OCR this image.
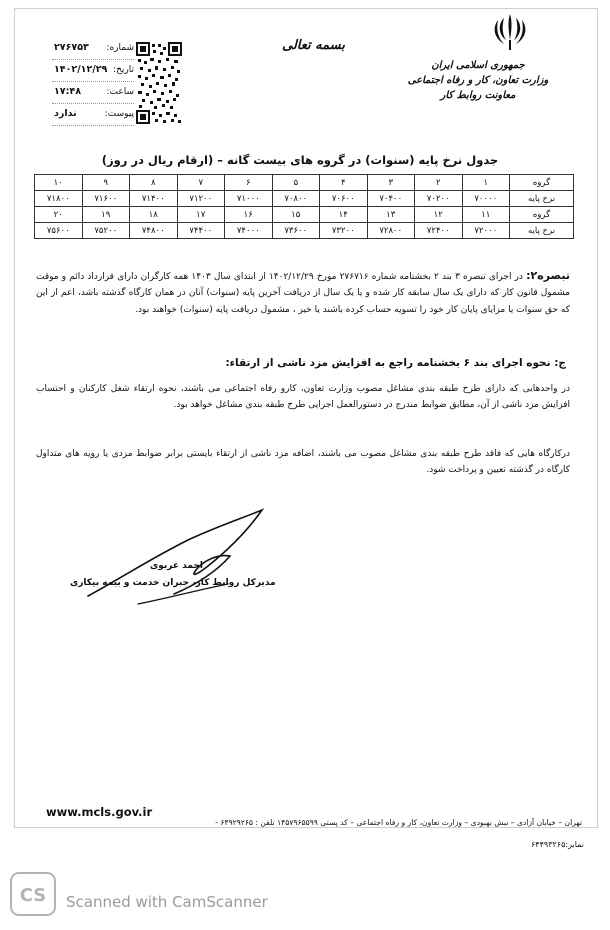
جمهوری اسلامی ایران
وزارت تعاون، کار و رفاه اجتماعی
معاونت روابط کار
بسمه تعالی
شماره:
۲۷۶۷۵۳
تاریخ:
۱۴۰۲/۱۲/۲۹
ساعت:
۱۷:۴۸
پیوست:
ندارد
جدول نرخ پایه (سنوات) در گروه های بیست گانه – (ارقام ریال در روز)
گروه	۱	۲	۳	۴	۵	۶	۷	۸	۹	۱۰
نرخ پایه	۷۰۰۰۰	۷۰۲۰۰	۷۰۴۰۰	۷۰۶۰۰	۷۰۸۰۰	۷۱۰۰۰	۷۱۲۰۰	۷۱۴۰۰	۷۱۶۰۰	۷۱۸۰۰
گروه	۱۱	۱۲	۱۳	۱۴	۱۵	۱۶	۱۷	۱۸	۱۹	۲۰
نرخ پایه	۷۲۰۰۰	۷۲۴۰۰	۷۲۸۰۰	۷۳۲۰۰	۷۳۶۰۰	۷۴۰۰۰	۷۴۴۰۰	۷۴۸۰۰	۷۵۲۰۰	۷۵۶۰۰
تبصره۲: در اجرای تبصره ۳ بند ۲ بخشنامه شماره ۲۷۶۷۱۶ مورخ ۱۴۰۲/۱۲/۲۹ از ابتدای سال ۱۴۰۳ همه کارگران دارای قرارداد دائم و موقت مشمول قانون کار که دارای یک سال سابقه کار شده و یا یک سال از دریافت آخرین پایه (سنوات) آنان در همان کارگاه گذشته باشد، اعم از این که حق سنوات یا مزایای پایان کار خود را تسویه حساب کرده باشند یا خیر ، مشمول دریافت پایه (سنوات) خواهند بود.
ج: نحوه اجرای بند ۶ بخشنامه راجع به افزایش مزد ناشی از ارتقاء:
در واحدهایی که دارای طرح طبقه بندی مشاغل مصوب وزارت تعاون، کارو رفاه اجتماعی می باشند، نحوه ارتقاء شغل کارکنان و احتساب افزایش مزد ناشی از آن، مطابق ضوابط مندرج در دستورالعمل اجرایی طرح طبقه بندی مشاغل خواهد بود.
درکارگاه هایی که فاقد طرح طبقه بندی مشاغل مصوب می باشند، اضافه مزد ناشی از ارتقاء بایستی برابر ضوابط مزدی یا رویه های متداول کارگاه در گذشته تعیین و پرداخت شود.
احمد عربوی
مدیرکل روابط کار، جبران خدمت و بیمه بیکاری
www.mcls.gov.ir
تهران – خیابان آزادی – نبش بهبودی – وزارت تعاون، کار و رفاه اجتماعی – کد پستی ۱۴۵۷۹۶۵۵۹۹ تلفن : ۶۴۹۲۹۲۶۵ -
نمابر:۶۴۴۹۳۲۶۵
CS Scanned with CamScanner
